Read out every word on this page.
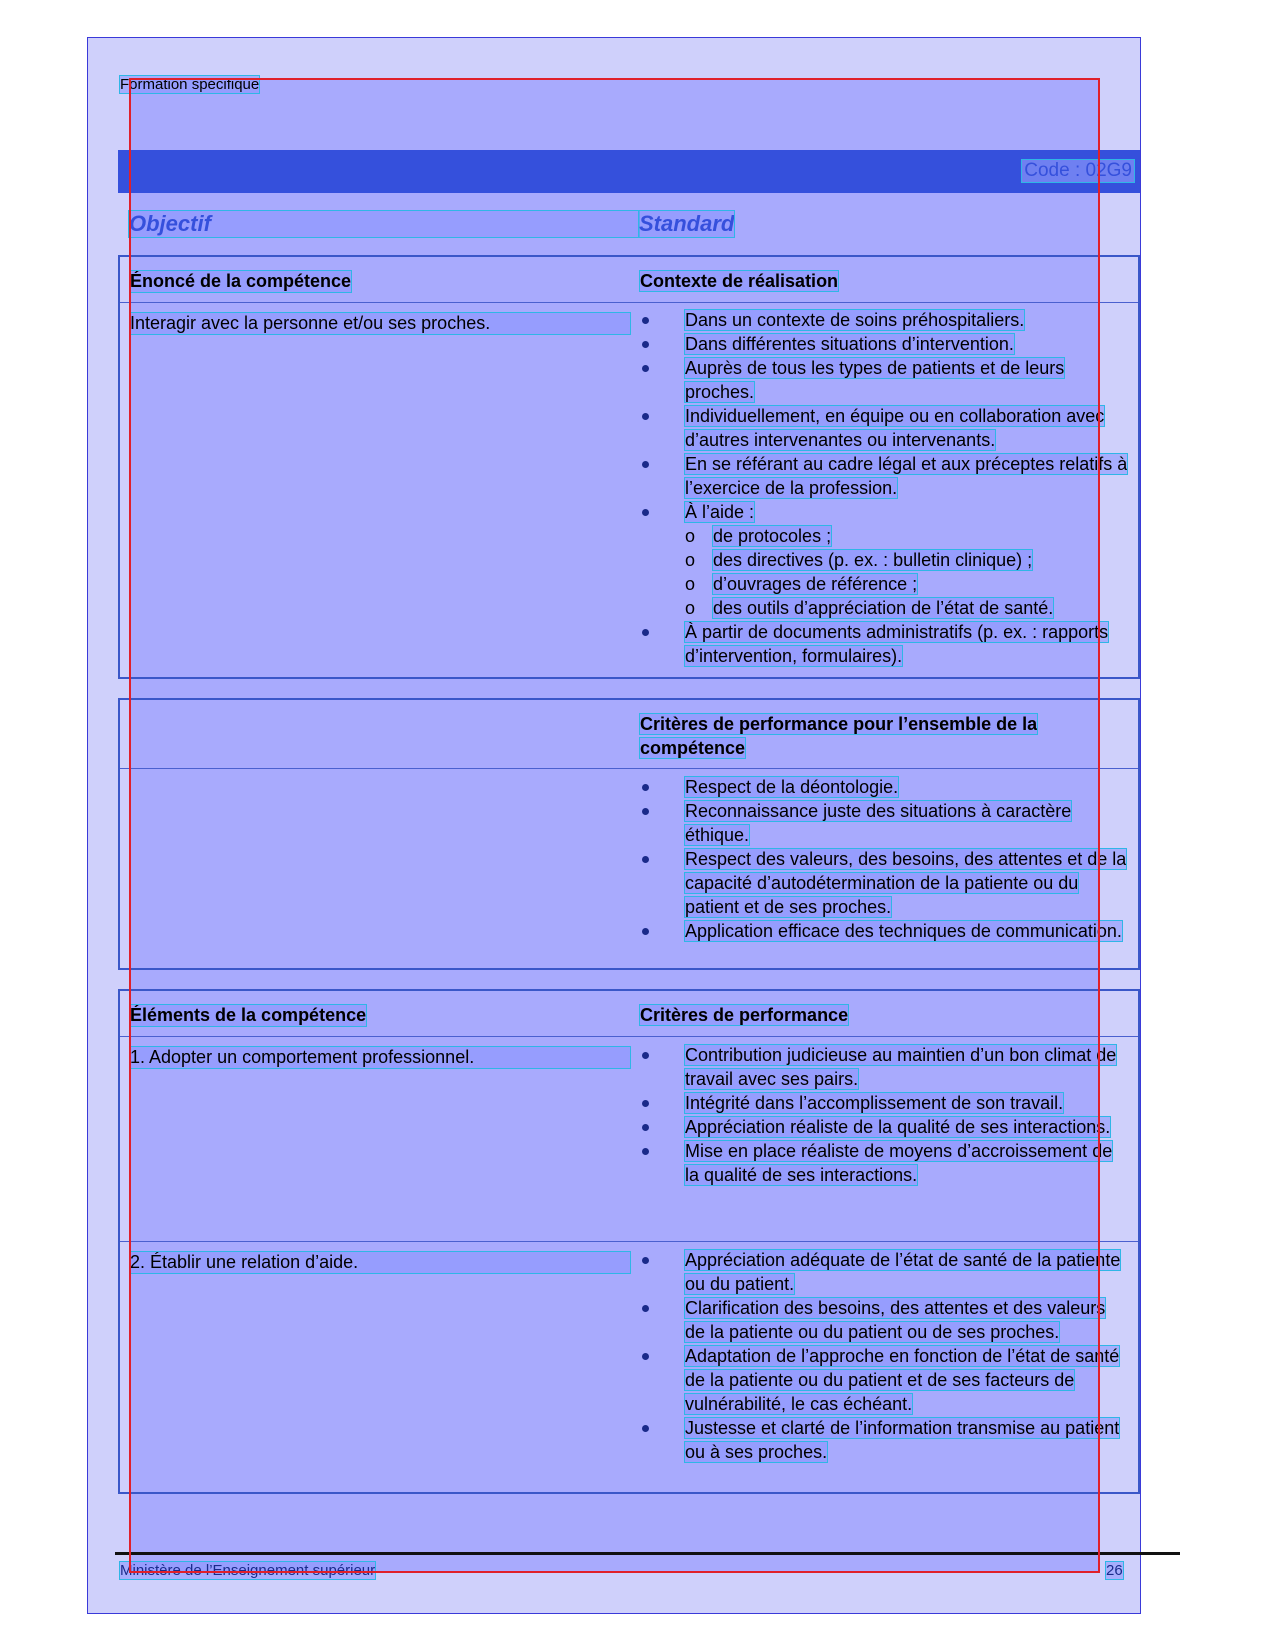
Formation spécifique
Code : 02G9
Objectif	Standard
Énoncé de la compétence	Contexte de réalisation
Interagir avec la personne et/ou ses proches.	Dans un contexte de soins préhospitaliers.
Dans différentes situations d’intervention.
Auprès de tous les types de patients et de leurs proches.
Individuellement, en équipe ou en collaboration avec d’autres intervenantes ou intervenants.
En se référant au cadre légal et aux préceptes relatifs à l’exercice de la profession.
À l’aide :
o de protocoles ;
o des directives (p. ex. : bulletin clinique) ;
o d’ouvrages de référence ;
o des outils d’appréciation de l’état de santé.
À partir de documents administratifs (p. ex. : rapports d’intervention, formulaires).
Critères de performance pour l’ensemble de la compétence
Respect de la déontologie.
Reconnaissance juste des situations à caractère éthique.
Respect des valeurs, des besoins, des attentes et de la capacité d’autodétermination de la patiente ou du patient et de ses proches.
Application efficace des techniques de communication.
Éléments de la compétence	Critères de performance
1. Adopter un comportement professionnel.	Contribution judicieuse au maintien d’un bon climat de travail avec ses pairs.
Intégrité dans l’accomplissement de son travail.
Appréciation réaliste de la qualité de ses interactions.
Mise en place réaliste de moyens d’accroissement de la qualité de ses interactions.
2. Établir une relation d’aide.	Appréciation adéquate de l’état de santé de la patiente ou du patient.
Clarification des besoins, des attentes et des valeurs de la patiente ou du patient ou de ses proches.
Adaptation de l’approche en fonction de l’état de santé de la patiente ou du patient et de ses facteurs de vulnérabilité, le cas échéant.
Justesse et clarté de l’information transmise au patient ou à ses proches.
Ministère de l’Enseignement supérieur	26
